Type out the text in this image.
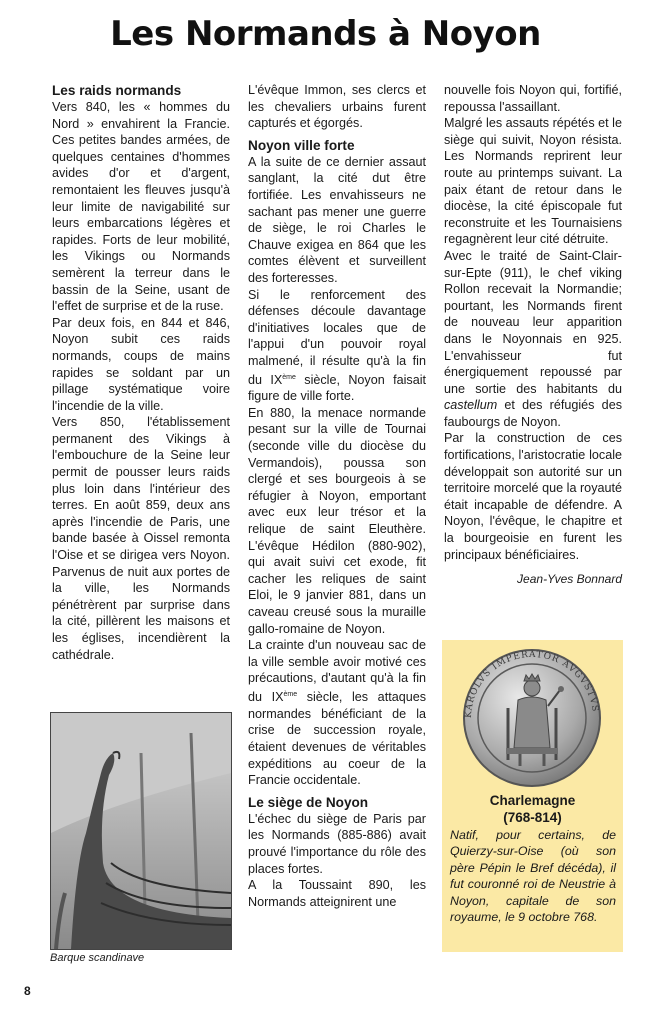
Les Normands à Noyon
Les raids normands

Vers 840, les « hommes du Nord » envahirent la Francie. Ces petites bandes armées, de quelques centaines d'hommes avides d'or et d'argent, remontaient les fleuves jusqu'à leur limite de navigabilité sur leurs embarcations légères et rapides. Forts de leur mobilité, les Vikings ou Normands semèrent la terreur dans le bassin de la Seine, usant de l'effet de surprise et de la ruse.

Par deux fois, en 844 et 846, Noyon subit ces raids normands, coups de mains rapides se soldant par un pillage systématique voire l'incendie de la ville.

Vers 850, l'établissement permanent des Vikings à l'embouchure de la Seine leur permit de pousser leurs raids plus loin dans l'intérieur des terres. En août 859, deux ans après l'incendie de Paris, une bande basée à Oissel remonta l'Oise et se dirigea vers Noyon. Parvenus de nuit aux portes de la ville, les Normands pénétrèrent par surprise dans la cité, pillèrent les maisons et les églises, incendièrent la cathédrale.

L'évêque Immon, ses clercs et les chevaliers urbains furent capturés et égorgés.

Noyon ville forte

A la suite de ce dernier assaut sanglant, la cité dut être fortifiée. Les envahisseurs ne sachant pas mener une guerre de siège, le roi Charles le Chauve exigea en 864 que les comtes élèvent et surveillent des forteresses.

Si le renforcement des défenses découle davantage d'initiatives locales que de l'appui d'un pouvoir royal malmené, il résulte qu'à la fin du IXème siècle, Noyon faisait figure de ville forte.

En 880, la menace normande pesant sur la ville de Tournai (seconde ville du diocèse du Vermandois), poussa son clergé et ses bourgeois à se réfugier à Noyon, emportant avec eux leur trésor et la relique de saint Eleuthère. L'évêque Hédilon (880-902), qui avait suivi cet exode, fit cacher les reliques de saint Eloi, le 9 janvier 881, dans un caveau creusé sous la muraille gallo-romaine de Noyon.

La crainte d'un nouveau sac de la ville semble avoir motivé ces précautions, d'autant qu'à la fin du IXème siècle, les attaques normandes bénéficiant de la crise de succession royale, étaient devenues de véritables expéditions au coeur de la Francie occidentale.

Le siège de Noyon

L'échec du siège de Paris par les Normands (885-886) avait prouvé l'importance du rôle des places fortes.

A la Toussaint 890, les Normands atteignirent une

nouvelle fois Noyon qui, fortifié, repoussa l'assaillant.

Malgré les assauts répétés et le siège qui suivit, Noyon résista. Les Normands reprirent leur route au printemps suivant. La paix étant de retour dans le diocèse, la cité épiscopale fut reconstruite et les Tournaisiens regagnèrent leur cité détruite.

Avec le traité de Saint-Clair-sur-Epte (911), le chef viking Rollon recevait la Normandie; pourtant, les Normands firent de nouveau leur apparition dans le Noyonnais en 925. L'envahisseur fut énergiquement repoussé par une sortie des habitants du castellum et des réfugiés des faubourgs de Noyon.

Par la construction de ces fortifications, l'aristocratie locale développait son autorité sur un territoire morcelé que la royauté était incapable de défendre. A Noyon, l'évêque, le chapitre et la bourgeoisie en furent les principaux bénéficiaires.

Jean-Yves Bonnard

Barque scandinave
KAROLVS IMPERATOR AVGVSTVS
Charlemagne
(768-814)
Natif, pour certains, de Quierzy-sur-Oise (où son père Pépin le Bref décéda), il fut couronné roi de Neustrie à Noyon, capitale de son royaume, le 9 octobre 768.
8
